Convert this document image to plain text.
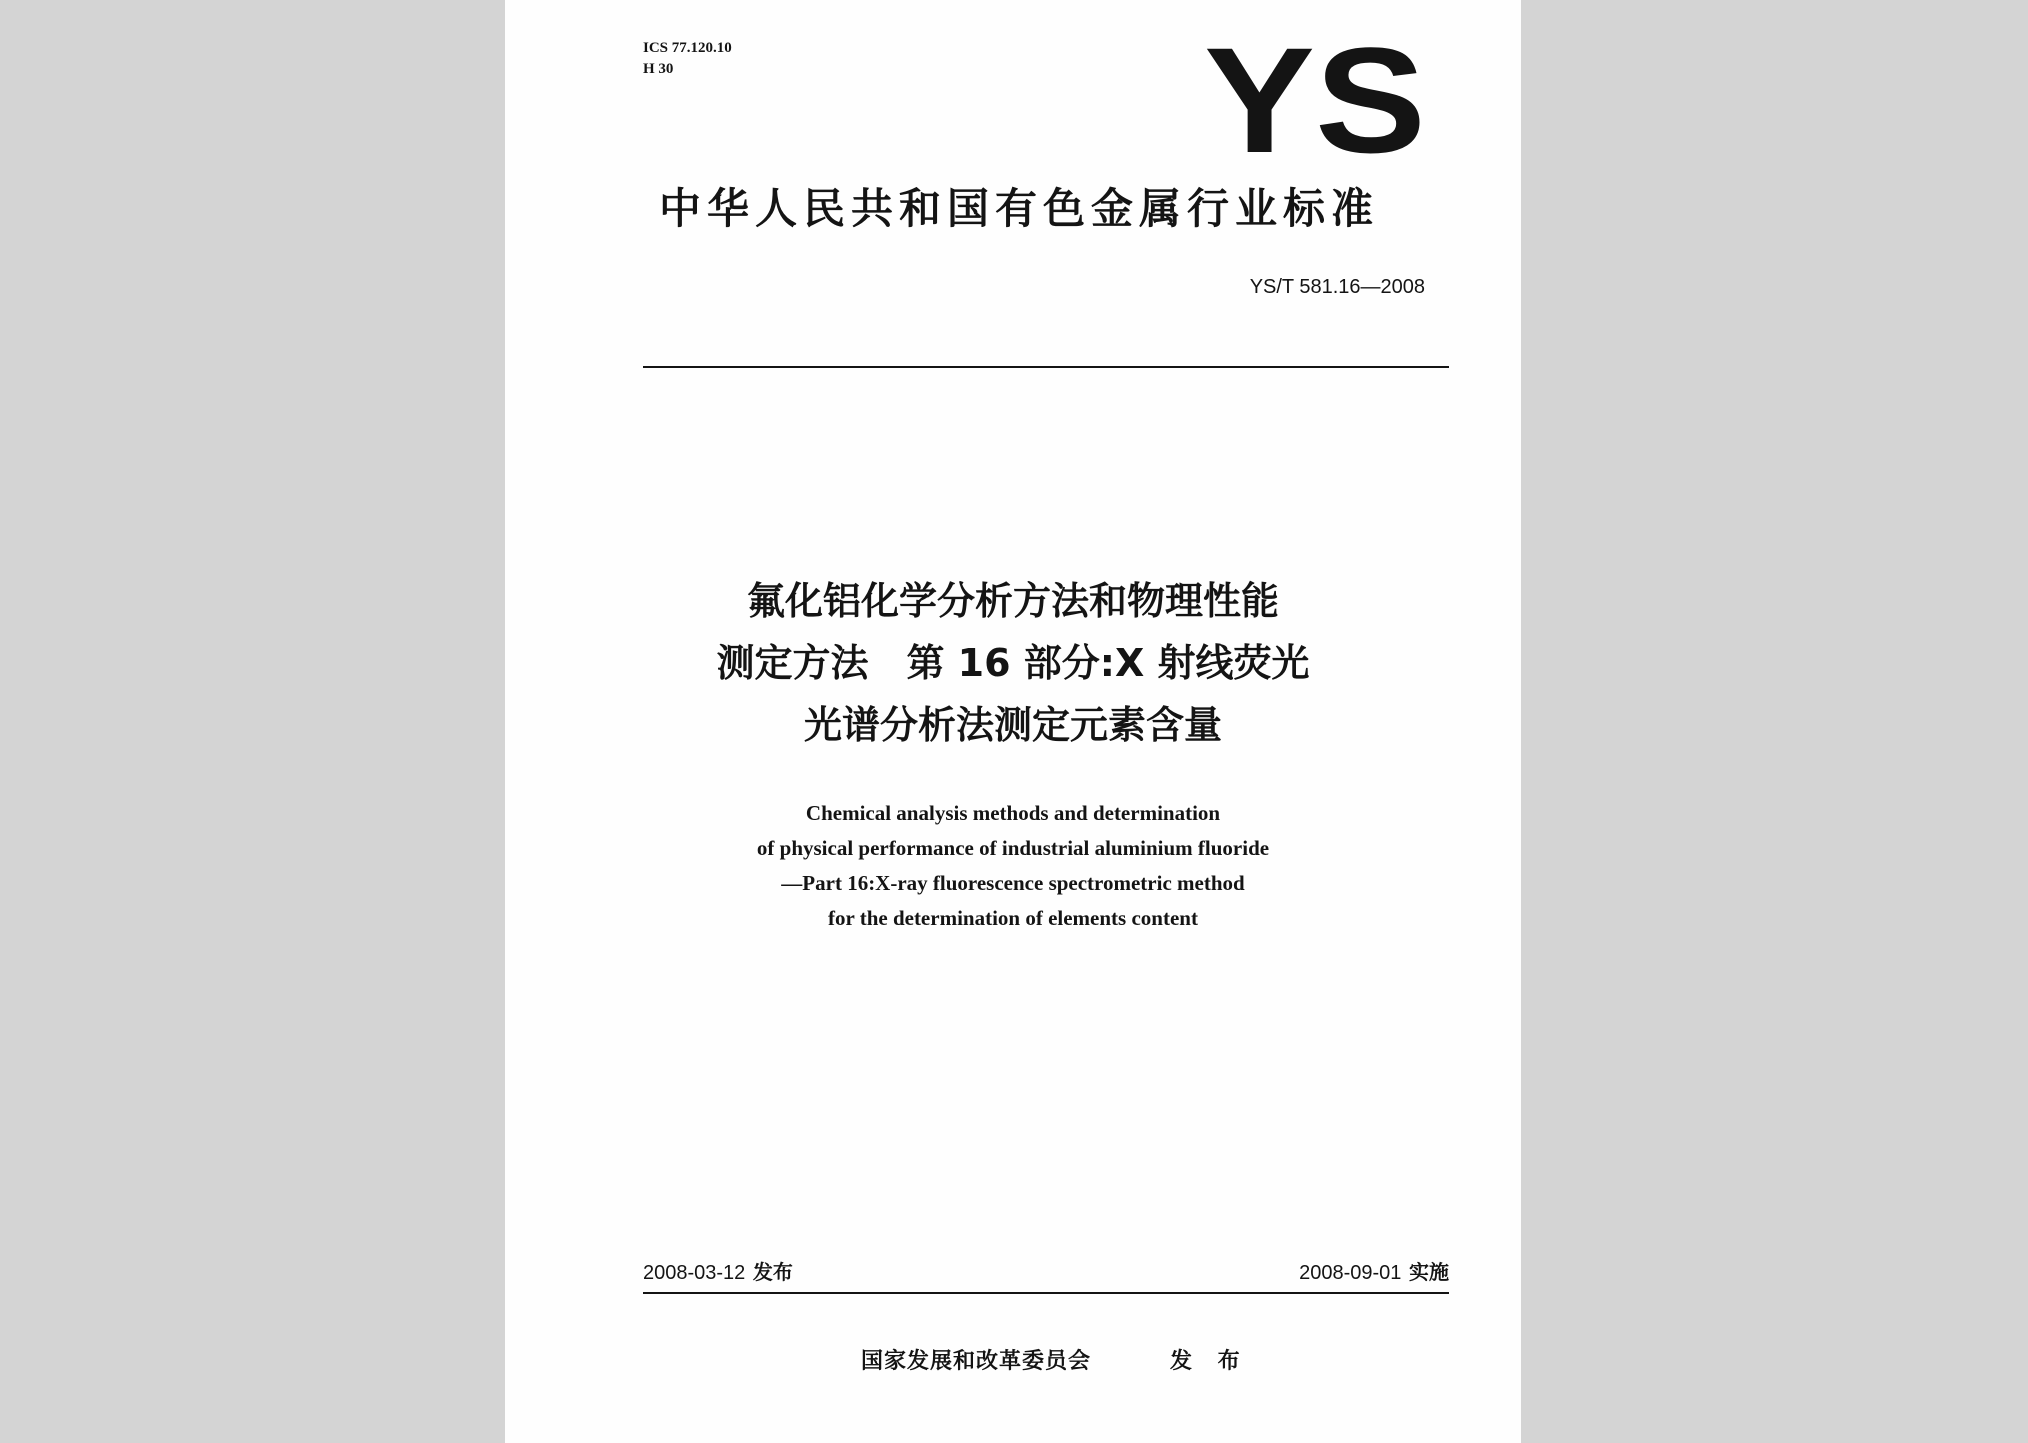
ICS 77.120.10
H 30	YS
中华人民共和国有色金属行业标准
YS/T 581.16—2008
氟化铝化学分析方法和物理性能
测定方法　第 16 部分:X 射线荧光
光谱分析法测定元素含量
Chemical analysis methods and determination
of physical performance of industrial aluminium fluoride
—Part 16:X-ray fluorescence spectrometric method
for the determination of elements content
2008-03-12 发布	2008-09-01 实施
国家发展和改革委员会	发 布
